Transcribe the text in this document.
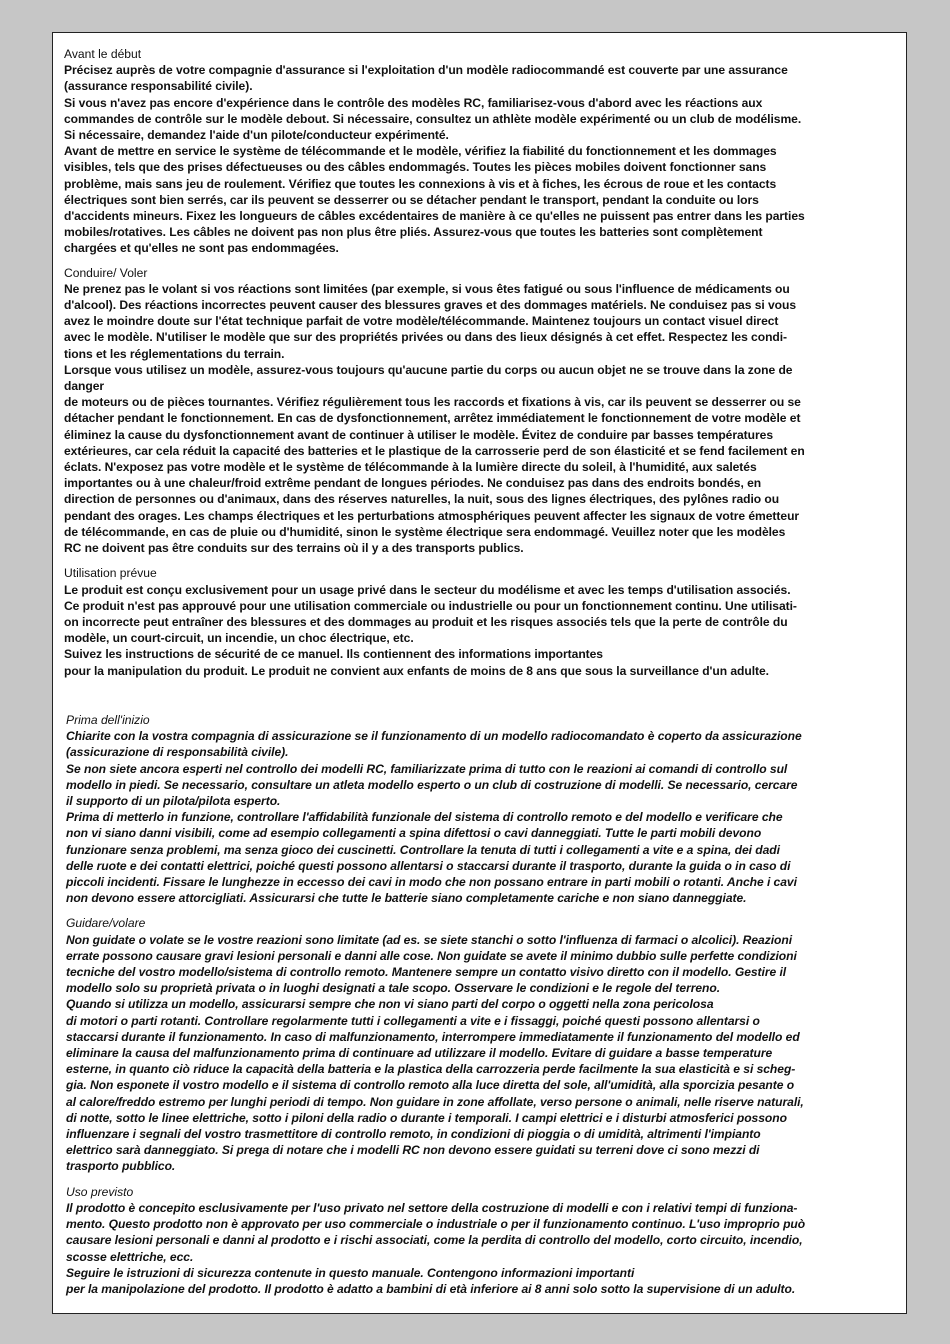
Avant le début

Précisez auprès de votre compagnie d'assurance si l'exploitation d'un modèle radiocommandé est couverte par une assurance
(assurance responsabilité civile).
Si vous n'avez pas encore d'expérience dans le contrôle des modèles RC, familiarisez-vous d'abord avec les réactions aux
commandes de contrôle sur le modèle debout. Si nécessaire, consultez un athlète modèle expérimenté ou un club de modélisme.
Si nécessaire, demandez l'aide d'un pilote/conducteur expérimenté.
Avant de mettre en service le système de télécommande et le modèle, vérifiez la fiabilité du fonctionnement et les dommages
visibles, tels que des prises défectueuses ou des câbles endommagés. Toutes les pièces mobiles doivent fonctionner sans
problème, mais sans jeu de roulement. Vérifiez que toutes les connexions à vis et à fiches, les écrous de roue et les contacts
électriques sont bien serrés, car ils peuvent se desserrer ou se détacher pendant le transport, pendant la conduite ou lors
d'accidents mineurs. Fixez les longueurs de câbles excédentaires de manière à ce qu'elles ne puissent pas entrer dans les parties
mobiles/rotatives. Les câbles ne doivent pas non plus être pliés. Assurez-vous que toutes les batteries sont complètement
chargées et qu'elles ne sont pas endommagées.

Conduire/ Voler

Ne prenez pas le volant si vos réactions sont limitées (par exemple, si vous êtes fatigué ou sous l'influence de médicaments ou
d'alcool). Des réactions incorrectes peuvent causer des blessures graves et des dommages matériels. Ne conduisez pas si vous
avez le moindre doute sur l'état technique parfait de votre modèle/télécommande. Maintenez toujours un contact visuel direct
avec le modèle. N'utiliser le modèle que sur des propriétés privées ou dans des lieux désignés à cet effet. Respectez les condi-
tions et les réglementations du terrain.
Lorsque vous utilisez un modèle, assurez-vous toujours qu'aucune partie du corps ou aucun objet ne se trouve dans la zone de
danger
de moteurs ou de pièces tournantes. Vérifiez régulièrement tous les raccords et fixations à vis, car ils peuvent se desserrer ou se
détacher pendant le fonctionnement. En cas de dysfonctionnement, arrêtez immédiatement le fonctionnement de votre modèle et
éliminez la cause du dysfonctionnement avant de continuer à utiliser le modèle. Évitez de conduire par basses températures
extérieures, car cela réduit la capacité des batteries et le plastique de la carrosserie perd de son élasticité et se fend facilement en
éclats. N'exposez pas votre modèle et le système de télécommande à la lumière directe du soleil, à l'humidité, aux saletés
importantes ou à une chaleur/froid extrême pendant de longues périodes. Ne conduisez pas dans des endroits bondés, en
direction de personnes ou d'animaux, dans des réserves naturelles, la nuit, sous des lignes électriques, des pylônes radio ou
pendant des orages. Les champs électriques et les perturbations atmosphériques peuvent affecter les signaux de votre émetteur
de télécommande, en cas de pluie ou d'humidité, sinon le système électrique sera endommagé. Veuillez noter que les modèles
RC ne doivent pas être conduits sur des terrains où il y a des transports publics.

Utilisation prévue

Le produit est conçu exclusivement pour un usage privé dans le secteur du modélisme et avec les temps d'utilisation associés.
Ce produit n'est pas approuvé pour une utilisation commerciale ou industrielle ou pour un fonctionnement continu. Une utilisati-
on incorrecte peut entraîner des blessures et des dommages au produit et les risques associés tels que la perte de contrôle du
modèle, un court-circuit, un incendie, un choc électrique, etc.
Suivez les instructions de sécurité de ce manuel. Ils contiennent des informations importantes
pour la manipulation du produit. Le produit ne convient aux enfants de moins de 8 ans que sous la surveillance d'un adulte.

Prima dell'inizio

Chiarite con la vostra compagnia di assicurazione se il funzionamento di un modello radiocomandato è coperto da assicurazione
(assicurazione di responsabilità civile).
Se non siete ancora esperti nel controllo dei modelli RC, familiarizzate prima di tutto con le reazioni ai comandi di controllo sul
modello in piedi. Se necessario, consultare un atleta modello esperto o un club di costruzione di modelli. Se necessario, cercare
il supporto di un pilota/pilota esperto.
Prima di metterlo in funzione, controllare l'affidabilità funzionale del sistema di controllo remoto e del modello e verificare che
non vi siano danni visibili, come ad esempio collegamenti a spina difettosi o cavi danneggiati. Tutte le parti mobili devono
funzionare senza problemi, ma senza gioco dei cuscinetti. Controllare la tenuta di tutti i collegamenti a vite e a spina, dei dadi
delle ruote e dei contatti elettrici, poiché questi possono allentarsi o staccarsi durante il trasporto, durante la guida o in caso di
piccoli incidenti. Fissare le lunghezze in eccesso dei cavi in modo che non possano entrare in parti mobili o rotanti. Anche i cavi
non devono essere attorcigliati. Assicurarsi che tutte le batterie siano completamente cariche e non siano danneggiate.

Guidare/volare

Non guidate o volate se le vostre reazioni sono limitate (ad es. se siete stanchi o sotto l'influenza di farmaci o alcolici). Reazioni
errate possono causare gravi lesioni personali e danni alle cose. Non guidate se avete il minimo dubbio sulle perfette condizioni
tecniche del vostro modello/sistema di controllo remoto. Mantenere sempre un contatto visivo diretto con il modello. Gestire il
modello solo su proprietà privata o in luoghi designati a tale scopo. Osservare le condizioni e le regole del terreno.
Quando si utilizza un modello, assicurarsi sempre che non vi siano parti del corpo o oggetti nella zona pericolosa
di motori o parti rotanti. Controllare regolarmente tutti i collegamenti a vite e i fissaggi, poiché questi possono allentarsi o
staccarsi durante il funzionamento. In caso di malfunzionamento, interrompere immediatamente il funzionamento del modello ed
eliminare la causa del malfunzionamento prima di continuare ad utilizzare il modello. Evitare di guidare a basse temperature
esterne, in quanto ciò riduce la capacità della batteria e la plastica della carrozzeria perde facilmente la sua elasticità e si scheg-
gia. Non esponete il vostro modello e il sistema di controllo remoto alla luce diretta del sole, all'umidità, alla sporcizia pesante o
al calore/freddo estremo per lunghi periodi di tempo. Non guidare in zone affollate, verso persone o animali, nelle riserve naturali,
di notte, sotto le linee elettriche, sotto i piloni della radio o durante i temporali. I campi elettrici e i disturbi atmosferici possono
influenzare i segnali del vostro trasmettitore di controllo remoto, in condizioni di pioggia o di umidità, altrimenti l'impianto
elettrico sarà danneggiato. Si prega di notare che i modelli RC non devono essere guidati su terreni dove ci sono mezzi di
trasporto pubblico.

Uso previsto

Il prodotto è concepito esclusivamente per l'uso privato nel settore della costruzione di modelli e con i relativi tempi di funziona-
mento. Questo prodotto non è approvato per uso commerciale o industriale o per il funzionamento continuo. L'uso improprio può
causare lesioni personali e danni al prodotto e i rischi associati, come la perdita di controllo del modello, corto circuito, incendio,
scosse elettriche, ecc.
Seguire le istruzioni di sicurezza contenute in questo manuale. Contengono informazioni importanti
per la manipolazione del prodotto. Il prodotto è adatto a bambini di età inferiore ai 8 anni solo sotto la supervisione di un adulto.
